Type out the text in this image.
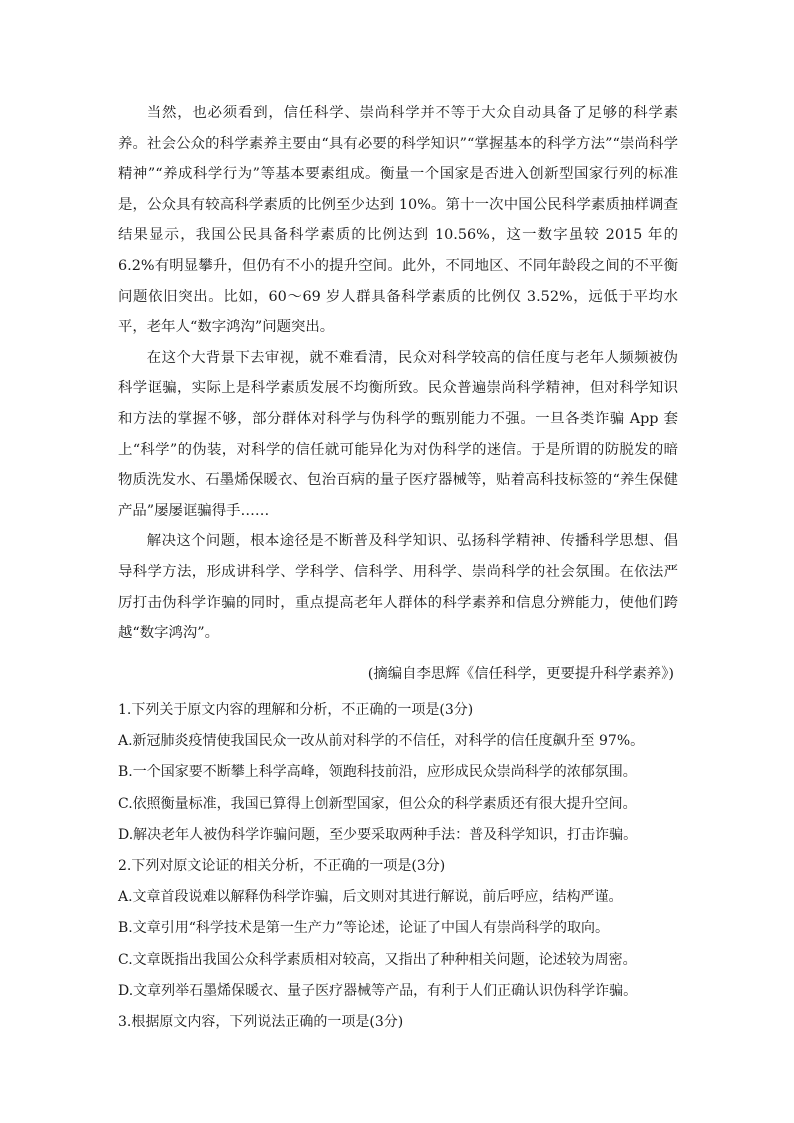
当然，也必须看到，信任科学、崇尚科学并不等于大众自动具备了足够的科学素养。社会公众的科学素养主要由“具有必要的科学知识”“掌握基本的科学方法”“崇尚科学精神”“养成科学行为”等基本要素组成。衡量一个国家是否进入创新型国家行列的标准是，公众具有较高科学素质的比例至少达到 10%。第十一次中国公民科学素质抽样调查结果显示，我国公民具备科学素质的比例达到 10.56%，这一数字虽较 2015 年的 6.2%有明显攀升，但仍有不小的提升空间。此外，不同地区、不同年龄段之间的不平衡问题依旧突出。比如，60～69 岁人群具备科学素质的比例仅 3.52%，远低于平均水平，老年人“数字鸿沟”问题突出。

在这个大背景下去审视，就不难看清，民众对科学较高的信任度与老年人频频被伪科学诓骗，实际上是科学素质发展不均衡所致。民众普遍崇尚科学精神，但对科学知识和方法的掌握不够，部分群体对科学与伪科学的甄别能力不强。一旦各类诈骗 App 套上“科学”的伪装，对科学的信任就可能异化为对伪科学的迷信。于是所谓的防脱发的暗物质洗发水、石墨烯保暖衣、包治百病的量子医疗器械等，贴着高科技标签的“养生保健产品”屡屡诓骗得手……

解决这个问题，根本途径是不断普及科学知识、弘扬科学精神、传播科学思想、倡导科学方法，形成讲科学、学科学、信科学、用科学、崇尚科学的社会氛围。在依法严厉打击伪科学诈骗的同时，重点提高老年人群体的科学素养和信息分辨能力，使他们跨越“数字鸿沟”。

(摘编自李思辉《信任科学，更要提升科学素养》)

1.下列关于原文内容的理解和分析，不正确的一项是(3分)

A.新冠肺炎疫情使我国民众一改从前对科学的不信任，对科学的信任度飙升至 97%。

B.一个国家要不断攀上科学高峰，领跑科技前沿，应形成民众崇尚科学的浓郁氛围。

C.依照衡量标准，我国已算得上创新型国家，但公众的科学素质还有很大提升空间。

D.解决老年人被伪科学诈骗问题，至少要采取两种手法：普及科学知识，打击诈骗。

2.下列对原文论证的相关分析，不正确的一项是(3分)

A.文章首段说难以解释伪科学诈骗，后文则对其进行解说，前后呼应，结构严谨。

B.文章引用“科学技术是第一生产力”等论述，论证了中国人有崇尚科学的取向。

C.文章既指出我国公众科学素质相对较高，又指出了种种相关问题，论述较为周密。

D.文章列举石墨烯保暖衣、量子医疗器械等产品，有利于人们正确认识伪科学诈骗。

3.根据原文内容，下列说法正确的一项是(3分)
